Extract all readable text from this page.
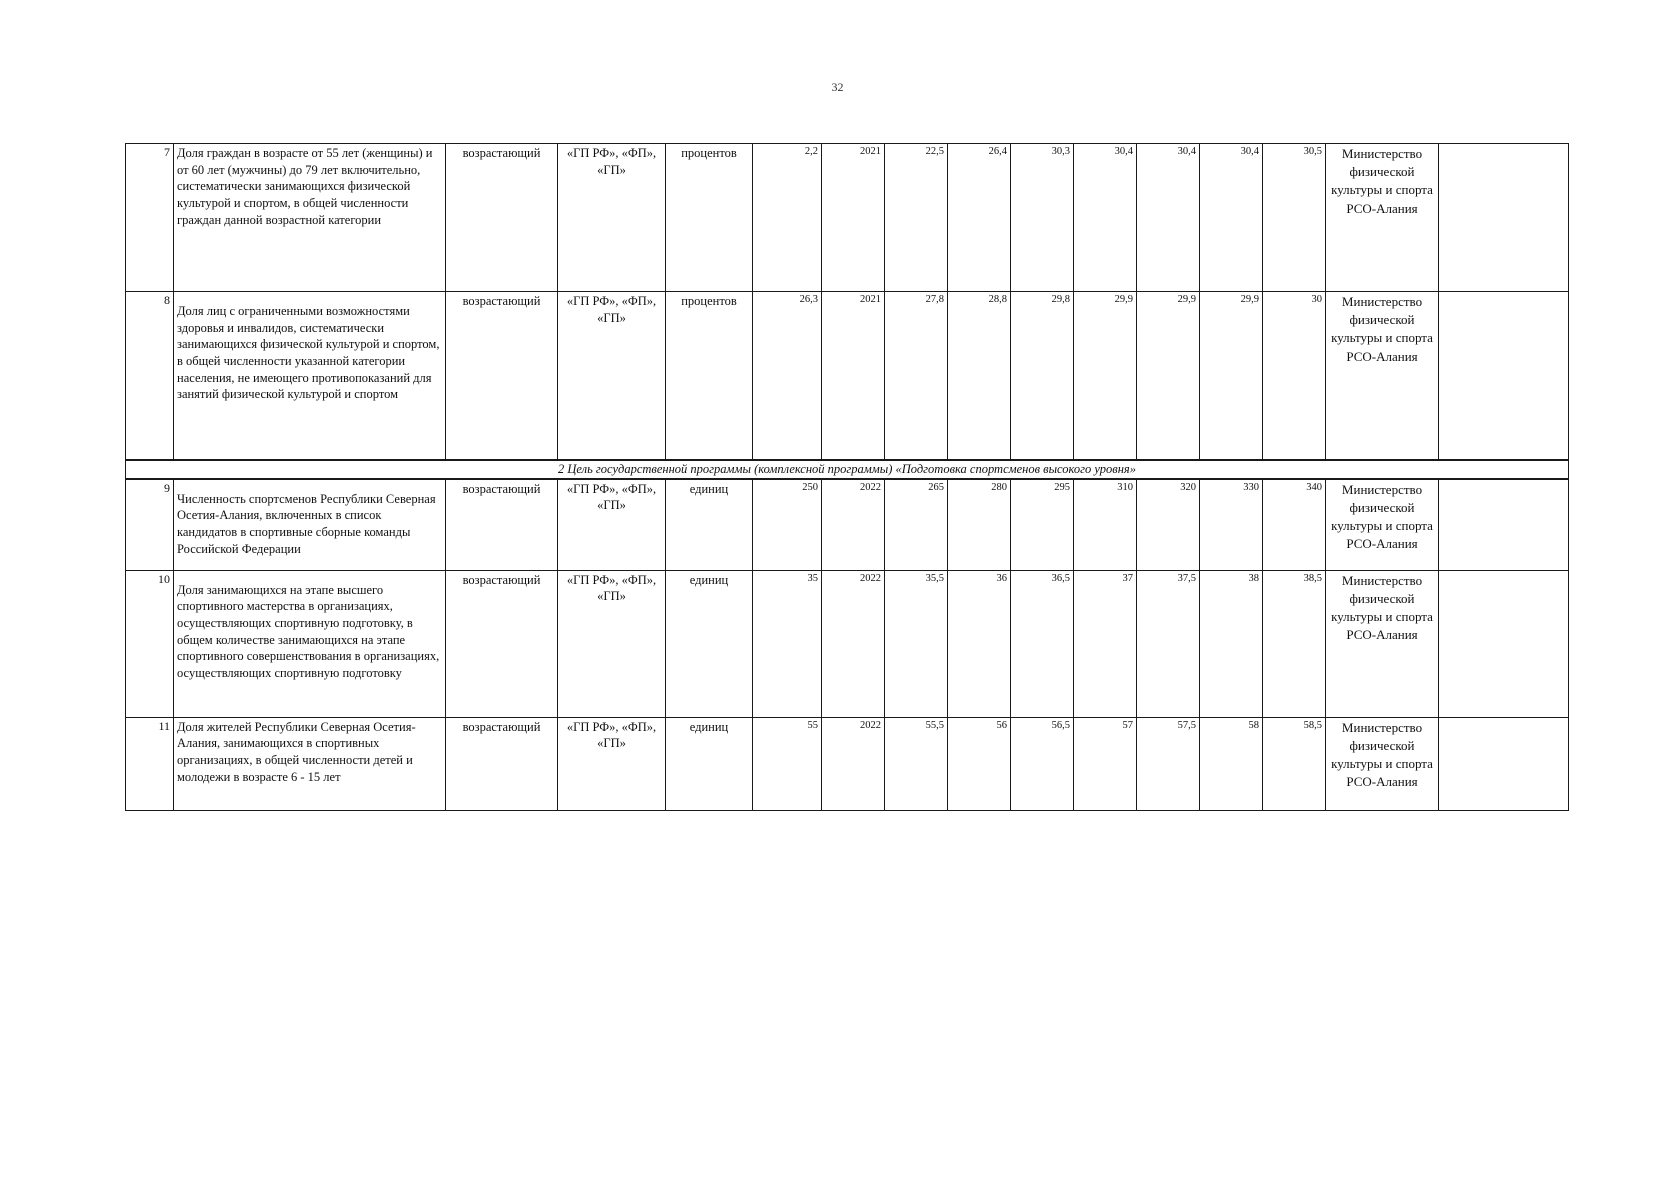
32
7	Доля граждан в возрасте от 55 лет (женщины) и от 60 лет (мужчины) до 79 лет включительно, систематически занимающихся физической культурой и спортом, в общей численности граждан данной возрастной категории	возрастающий	«ГП РФ», «ФП», «ГП»	процентов	2,2	2021	22,5	26,4	30,3	30,4	30,4	30,4	30,5	Министерство физической культуры и спорта РСО-Алания	
8	Доля лиц с ограниченными возможностями здоровья и инвалидов, систематически занимающихся физической культурой и спортом, в общей численности указанной категории населения, не имеющего противопоказаний для занятий физической культурой и спортом	возрастающий	«ГП РФ», «ФП», «ГП»	процентов	26,3	2021	27,8	28,8	29,8	29,9	29,9	29,9	30	Министерство физической культуры и спорта РСО-Алания	
2 Цель государственной программы (комплексной программы) «Подготовка спортсменов высокого уровня»															
9	Численность спортсменов Республики Северная Осетия-Алания, включенных в список кандидатов в спортивные сборные команды Российской Федерации	возрастающий	«ГП РФ», «ФП», «ГП»	единиц	250	2022	265	280	295	310	320	330	340	Министерство физической культуры и спорта РСО-Алания	
10	Доля занимающихся на этапе высшего спортивного мастерства в организациях, осуществляющих спортивную подготовку, в общем количестве занимающихся на этапе спортивного совершенствования в организациях, осуществляющих спортивную подготовку	возрастающий	«ГП РФ», «ФП», «ГП»	единиц	35	2022	35,5	36	36,5	37	37,5	38	38,5	Министерство физической культуры и спорта РСО-Алания	
11	Доля жителей Республики Северная Осетия-Алания, занимающихся в спортивных организациях, в общей численности детей и молодежи в возрасте 6 - 15 лет	возрастающий	«ГП РФ», «ФП», «ГП»	единиц	55	2022	55,5	56	56,5	57	57,5	58	58,5	Министерство физической культуры и спорта РСО-Алания	
